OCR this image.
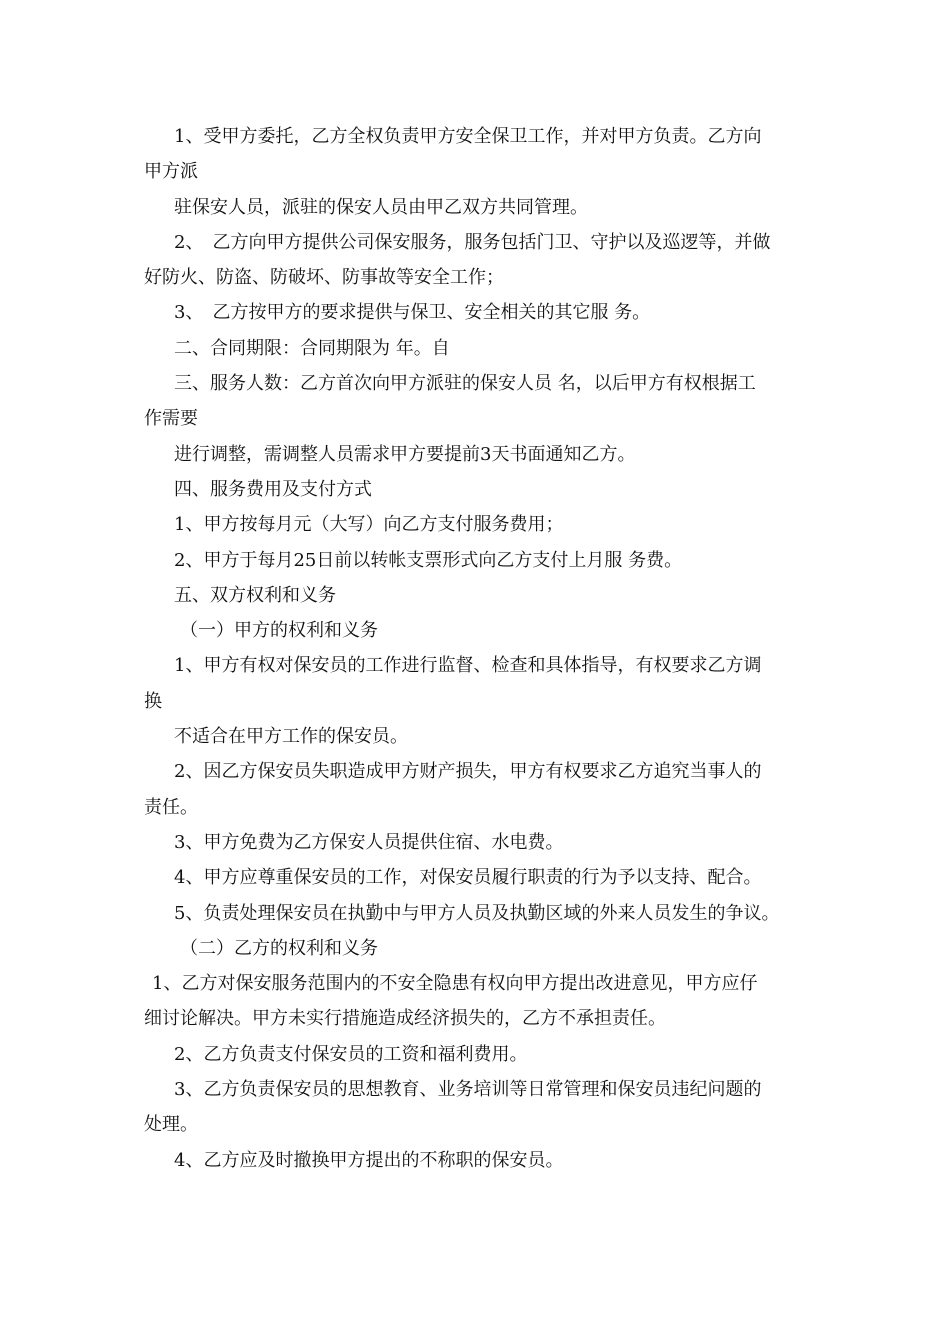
1、受甲方委托，乙方全权负责甲方安全保卫工作，并对甲方负责。乙方向
甲方派
驻保安人员，派驻的保安人员由甲乙双方共同管理。
2、　乙方向甲方提供公司保安服务，服务包括门卫、守护以及巡逻等，并做
好防火、防盗、防破坏、防事故等安全工作；
3、　乙方按甲方的要求提供与保卫、安全相关的其它服 务。
二、合同期限：合同期限为 年。自
三、服务人数：乙方首次向甲方派驻的保安人员 名，以后甲方有权根据工
作需要
进行调整，需调整人员需求甲方要提前3天书面通知乙方。
四、服务费用及支付方式
1、甲方按每月元（大写）向乙方支付服务费用；
2、甲方于每月25日前以转帐支票形式向乙方支付上月服 务费。
五、双方权利和义务
（一）甲方的权利和义务
1、甲方有权对保安员的工作进行监督、检查和具体指导，有权要求乙方调
换
不适合在甲方工作的保安员。
2、因乙方保安员失职造成甲方财产损失，甲方有权要求乙方追究当事人的
责任。
3、甲方免费为乙方保安人员提供住宿、水电费。
4、甲方应尊重保安员的工作，对保安员履行职责的行为予以支持、配合。
5、负责处理保安员在执勤中与甲方人员及执勤区域的外来人员发生的争议。
（二）乙方的权利和义务
1、乙方对保安服务范围内的不安全隐患有权向甲方提出改进意见，甲方应仔
细讨论解决。甲方未实行措施造成经济损失的，乙方不承担责任。
2、乙方负责支付保安员的工资和福利费用。
3、乙方负责保安员的思想教育、业务培训等日常管理和保安员违纪问题的
处理。
4、乙方应及时撤换甲方提出的不称职的保安员。
